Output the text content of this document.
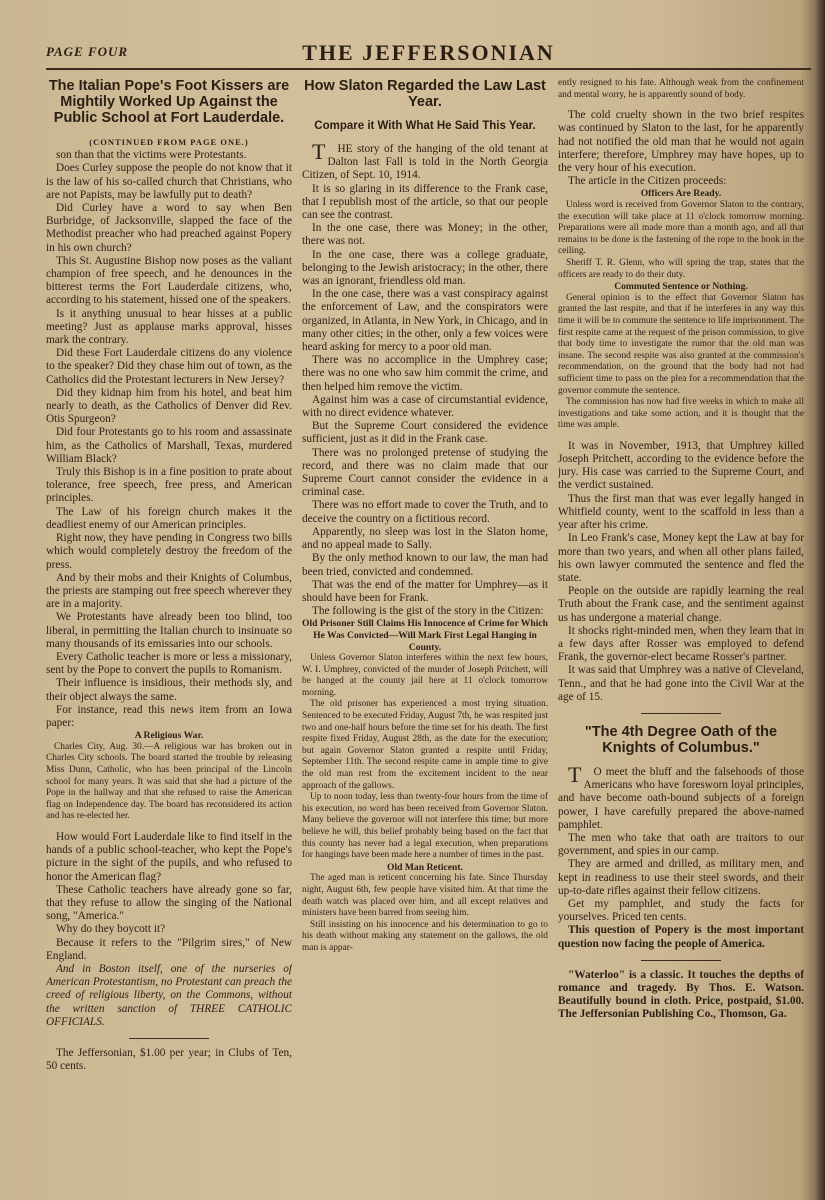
PAGE FOUR	THE JEFFERSONIAN
The Italian Pope's Foot Kissers are Mightily Worked Up Against the Public School at Fort Lauderdale.

(CONTINUED FROM PAGE ONE.)

son than that the victims were Protestants.

Does Curley suppose the people do not know that it is the law of his so-called church that Christians, who are not Papists, may be lawfully put to death?

Did Curley have a word to say when Ben Burbridge, of Jacksonville, slapped the face of the Methodist preacher who had preached against Popery in his own church?

This St. Augustine Bishop now poses as the valiant champion of free speech, and he denounces in the bitterest terms the Fort Lauderdale citizens, who, according to his statement, hissed one of the speakers.

Is it anything unusual to hear hisses at a public meeting? Just as applause marks approval, hisses mark the contrary.

Did these Fort Lauderdale citizens do any violence to the speaker? Did they chase him out of town, as the Catholics did the Protestant lecturers in New Jersey?

Did they kidnap him from his hotel, and beat him nearly to death, as the Catholics of Denver did Rev. Otis Spurgeon?

Did four Protestants go to his room and assassinate him, as the Catholics of Marshall, Texas, murdered William Black?

Truly this Bishop is in a fine position to prate about tolerance, free speech, free press, and American principles.

The Law of his foreign church makes it the deadliest enemy of our American principles.

Right now, they have pending in Congress two bills which would completely destroy the freedom of the press.

And by their mobs and their Knights of Columbus, the priests are stamping out free speech wherever they are in a majority.

We Protestants have already been too blind, too liberal, in permitting the Italian church to insinuate so many thousands of its emissaries into our schools.

Every Catholic teacher is more or less a missionary, sent by the Pope to convert the pupils to Romanism.

Their influence is insidious, their methods sly, and their object always the same.

For instance, read this news item from an Iowa paper:

A Religious War.

Charles City, Aug. 30.—A religious war has broken out in Charles City schools. The board started the trouble by releasing Miss Dunn, Catholic, who has been principal of the Lincoln school for many years. It was said that she had a picture of the Pope in the hallway and that she refused to raise the American flag on Independence day. The board has reconsidered its action and has re-elected her.

How would Fort Lauderdale like to find itself in the hands of a public school-teacher, who kept the Pope's picture in the sight of the pupils, and who refused to honor the American flag?

These Catholic teachers have already gone so far, that they refuse to allow the singing of the National song, "America."

Why do they boycott it?

Because it refers to the "Pilgrim sires," of New England.

And in Boston itself, one of the nurseries of American Protestantism, no Protestant can preach the creed of religious liberty, on the Commons, without the written sanction of THREE CATHOLIC OFFICIALS.

The Jeffersonian, $1.00 per year; in Clubs of Ten, 50 cents.

How Slaton Regarded the Law Last Year.
Compare it With What He Said This Year.

THE story of the hanging of the old tenant at Dalton last Fall is told in the North Georgia Citizen, of Sept. 10, 1914.

It is so glaring in its difference to the Frank case, that I republish most of the article, so that our people can see the contrast.

In the one case, there was Money; in the other, there was not.

In the one case, there was a college graduate, belonging to the Jewish aristocracy; in the other, there was an ignorant, friendless old man.

In the one case, there was a vast conspiracy against the enforcement of Law, and the conspirators were organized, in Atlanta, in New York, in Chicago, and in many other cities; in the other, only a few voices were heard asking for mercy to a poor old man.

There was no accomplice in the Umphrey case; there was no one who saw him commit the crime, and then helped him remove the victim.

Against him was a case of circumstantial evidence, with no direct evidence whatever.

But the Supreme Court considered the evidence sufficient, just as it did in the Frank case.

There was no prolonged pretense of studying the record, and there was no claim made that our Supreme Court cannot consider the evidence in a criminal case.

There was no effort made to cover the Truth, and to deceive the country on a fictitious record.

Apparently, no sleep was lost in the Slaton home, and no appeal made to Sally.

By the only method known to our law, the man had been tried, convicted and condemned.

That was the end of the matter for Umphrey—as it should have been for Frank.

The following is the gist of the story in the Citizen:

Old Prisoner Still Claims His Innocence of Crime for Which He Was Convicted—Will Mark First Legal Hanging in County.

Unless Governor Slaton interferes within the next few hours, W. I. Umphrey, convicted of the murder of Joseph Pritchett, will be hanged at the county jail here at 11 o'clock tomorrow morning.

The old prisoner has experienced a most trying situation. Sentenced to be executed Friday, August 7th, he was respited just two and one-half hours before the time set for his death. The first respite fixed Friday, August 28th, as the date for the execution; but again Governor Slaton granted a respite until Friday, September 11th. The second respite came in ample time to give the old man rest from the excitement incident to the near approach of the gallows.

Up to noon today, less than twenty-four hours from the time of his execution, no word has been received from Governor Slaton. Many believe the governor will not interfere this time; but more believe he will, this belief probably being based on the fact that this county has never had a legal execution, when preparations for hangings have been made here a number of times in the past.

Old Man Reticent.

The aged man is reticent concerning his fate. Since Thursday night, August 6th, few people have visited him. At that time the death watch was placed over him, and all except relatives and ministers have been barred from seeing him.

Still insisting on his innocence and his determination to go to his death without making any statement on the gallows, the old man is appar-

ently resigned to his fate. Although weak from the confinement and mental worry, he is apparently sound of body.

The cold cruelty shown in the two brief respites was continued by Slaton to the last, for he apparently had not notified the old man that he would not again interfere; therefore, Umphrey may have hopes, up to the very hour of his execution.

The article in the Citizen proceeds:

Officers Are Ready.

Unless word is received from Governor Slaton to the contrary, the execution will take place at 11 o'clock tomorrow morning. Preparations were all made more than a month ago, and all that remains to be done is the fastening of the rope to the hook in the ceiling.

Sheriff T. R. Glenn, who will spring the trap, states that the officers are ready to do their duty.

Commuted Sentence or Nothing.

General opinion is to the effect that Governor Slaton has granted the last respite, and that if he interferes in any way this time it will be to commute the sentence to life imprisonment. The first respite came at the request of the prison commission, to give that body time to investigate the rumor that the old man was insane. The second respite was also granted at the commission's recommendation, on the ground that the body had not had sufficient time to pass on the plea for a recommendation that the governor commute the sentence.

The commission has now had five weeks in which to make all investigations and take some action, and it is thought that the time was ample.

It was in November, 1913, that Umphrey killed Joseph Pritchett, according to the evidence before the jury. His case was carried to the Supreme Court, and the verdict sustained.

Thus the first man that was ever legally hanged in Whitfield county, went to the scaffold in less than a year after his crime.

In Leo Frank's case, Money kept the Law at bay for more than two years, and when all other plans failed, his own lawyer commuted the sentence and fled the state.

People on the outside are rapidly learning the real Truth about the Frank case, and the sentiment against us has undergone a material change.

It shocks right-minded men, when they learn that in a few days after Rosser was employed to defend Frank, the governor-elect became Rosser's partner.

It was said that Umphrey was a native of Cleveland, Tenn., and that he had gone into the Civil War at the age of 15.

"The 4th Degree Oath of the Knights of Columbus."

TO meet the bluff and the falsehoods of those Americans who have foresworn loyal principles, and have become oath-bound subjects of a foreign power, I have carefully prepared the above-named pamphlet.

The men who take that oath are traitors to our government, and spies in our camp.

They are armed and drilled, as military men, and kept in readiness to use their steel swords, and their up-to-date rifles against their fellow citizens.

Get my pamphlet, and study the facts for yourselves. Priced ten cents.

This question of Popery is the most important question now facing the people of America.

"Waterloo" is a classic. It touches the depths of romance and tragedy. By Thos. E. Watson. Beautifully bound in cloth. Price, postpaid, $1.00. The Jeffersonian Publishing Co., Thomson, Ga.
